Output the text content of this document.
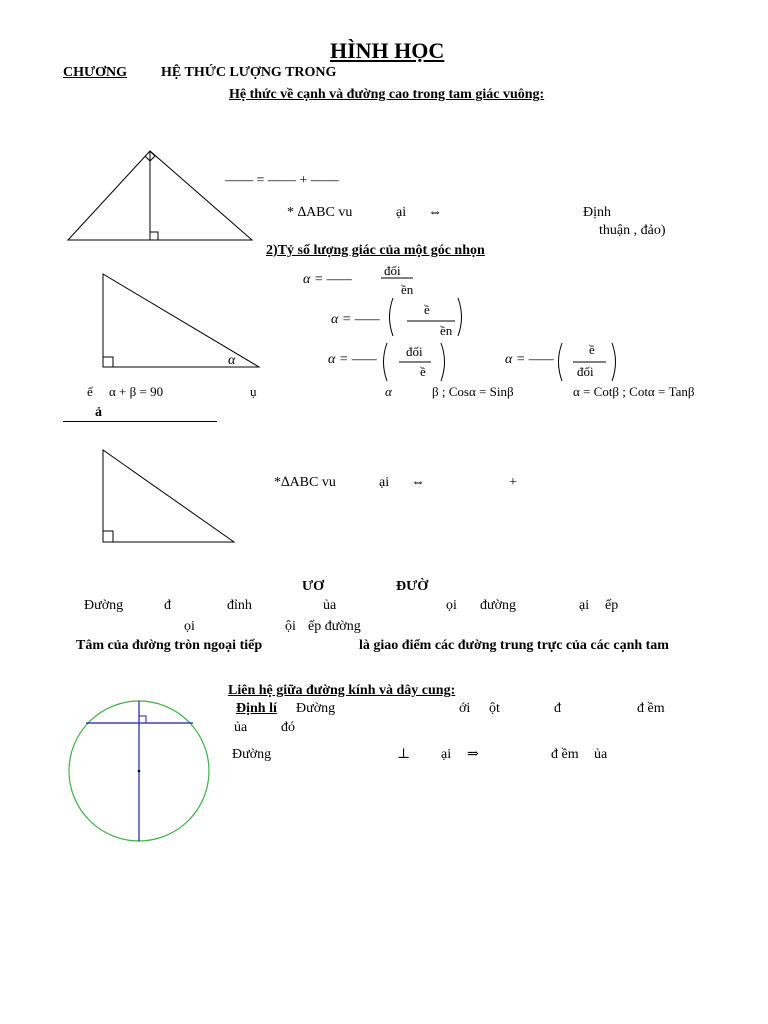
HÌNH HỌC
CHƯƠNG HỆ THỨC LƯỢNG TRONG
Hệ thức về cạnh và đường cao trong tam giác vuông:
—— = —— + ——
* ∆ABC vu	ại ⇔	Định
thuận , đảo)
2)Tỷ số lượng giác của một góc nhọn
α
α = ——
đối
ền
α = ——
ề
ền
α = ——
đối
ề
α = ——
ề
đối
ế α + β = 90	ụ	α	β ; Cosα = Sinβ	α = Cotβ ; Cotα = Tanβ
ả
*∆ABC vu	ại ⇔	+
ƯƠ	ĐƯỜ
Đường	đ	đỉnh	ủa	ọi đường	ại ếp
ọi	ội ếp đường
Tâm của đường tròn ngoại tiếp	là giao điểm các đường trung trực của các cạnh tam
Liên hệ giữa đường kính và dây cung:
Định lí Đường	ới ột	đ	đ ềm
ủa đó
Đường	⊥ ại ⇒	đ ềm ủa
